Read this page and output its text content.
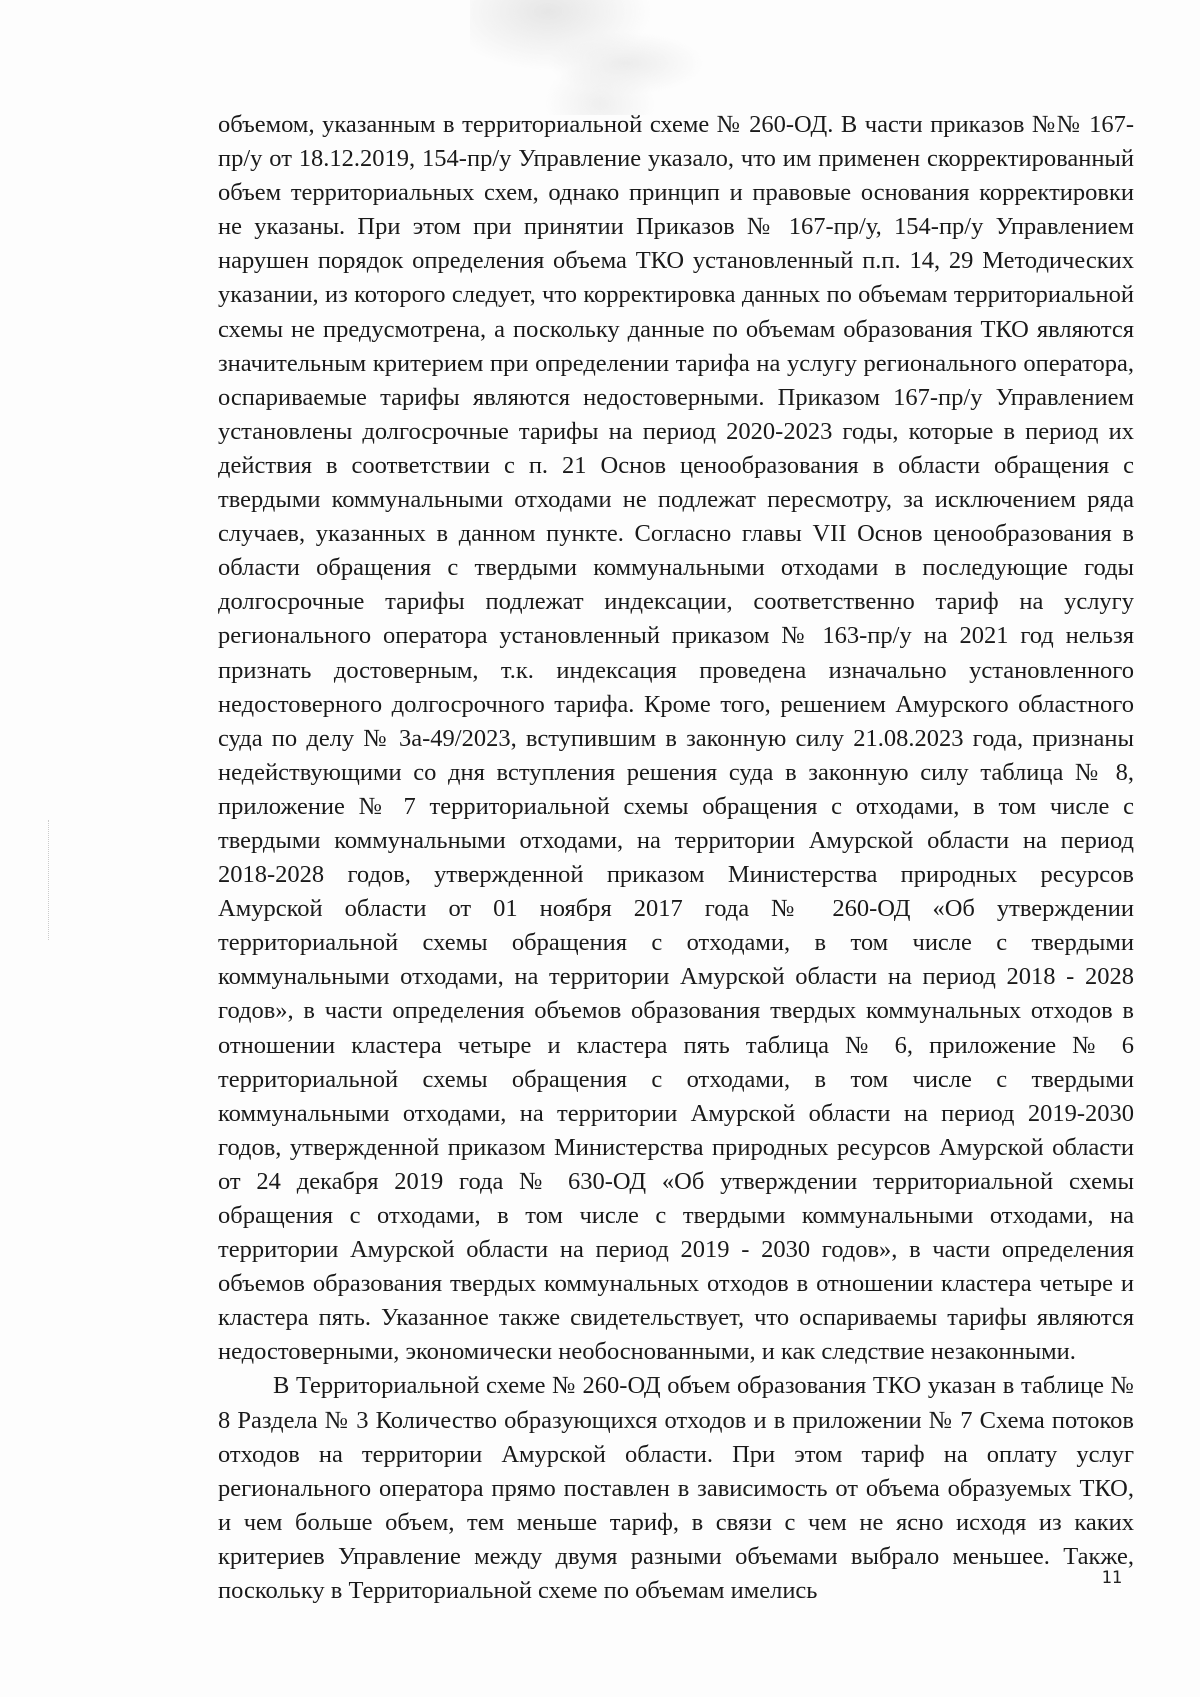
объемом, указанным в территориальной схеме № 260-ОД. В части приказов №№ 167-пр/у от 18.12.2019, 154-пр/у Управление указало, что им применен скорректированный объем территориальных схем, однако принцип и правовые основания корректировки не указаны. При этом при принятии Приказов № 167-пр/у, 154-пр/у Управлением нарушен порядок определения объема ТКО установленный п.п. 14, 29 Методических указании, из которого следует, что корректировка данных по объемам территориальной схемы не предусмотрена, а поскольку данные по объемам образования ТКО являются значительным критерием при определении тарифа на услугу регионального оператора, оспариваемые тарифы являются недостоверными. Приказом 167-пр/у Управлением установлены долгосрочные тарифы на период 2020-2023 годы, которые в период их действия в соответствии с п. 21 Основ ценообразования в области обращения с твердыми коммунальными отходами не подлежат пересмотру, за исключением ряда случаев, указанных в данном пункте. Согласно главы VII Основ ценообразования в области обращения с твердыми коммунальными отходами в последующие годы долгосрочные тарифы подлежат индексации, соответственно тариф на услугу регионального оператора установленный приказом № 163-пр/у на 2021 год нельзя признать достоверным, т.к. индексация проведена изначально установленного недостоверного долгосрочного тарифа. Кроме того, решением Амурского областного суда по делу № 3а-49/2023, вступившим в законную силу 21.08.2023 года, признаны недействующими со дня вступления решения суда в законную силу таблица № 8, приложение № 7 территориальной схемы обращения с отходами, в том числе с твердыми коммунальными отходами, на территории Амурской области на период 2018-2028 годов, утвержденной приказом Министерства природных ресурсов Амурской области от 01 ноября 2017 года № 260-ОД «Об утверждении территориальной схемы обращения с отходами, в том числе с твердыми коммунальными отходами, на территории Амурской области на период 2018 - 2028 годов», в части определения объемов образования твердых коммунальных отходов в отношении кластера четыре и кластера пять таблица № 6, приложение № 6 территориальной схемы обращения с отходами, в том числе с твердыми коммунальными отходами, на территории Амурской области на период 2019-2030 годов, утвержденной приказом Министерства природных ресурсов Амурской области от 24 декабря 2019 года № 630-ОД «Об утверждении территориальной схемы обращения с отходами, в том числе с твердыми коммунальными отходами, на территории Амурской области на период 2019 - 2030 годов», в части определения объемов образования твердых коммунальных отходов в отношении кластера четыре и кластера пять. Указанное также свидетельствует, что оспариваемы тарифы являются недостоверными, экономически необоснованными, и как следствие незаконными.

В Территориальной схеме № 260-ОД объем образования ТКО указан в таблице № 8 Раздела № 3 Количество образующихся отходов и в приложении № 7 Схема потоков отходов на территории Амурской области. При этом тариф на оплату услуг регионального оператора прямо поставлен в зависимость от объема образуемых ТКО, и чем больше объем, тем меньше тариф, в связи с чем не ясно исходя из каких критериев Управление между двумя разными объемами выбрало меньшее. Также, поскольку в Территориальной схеме по объемам имелись	11
